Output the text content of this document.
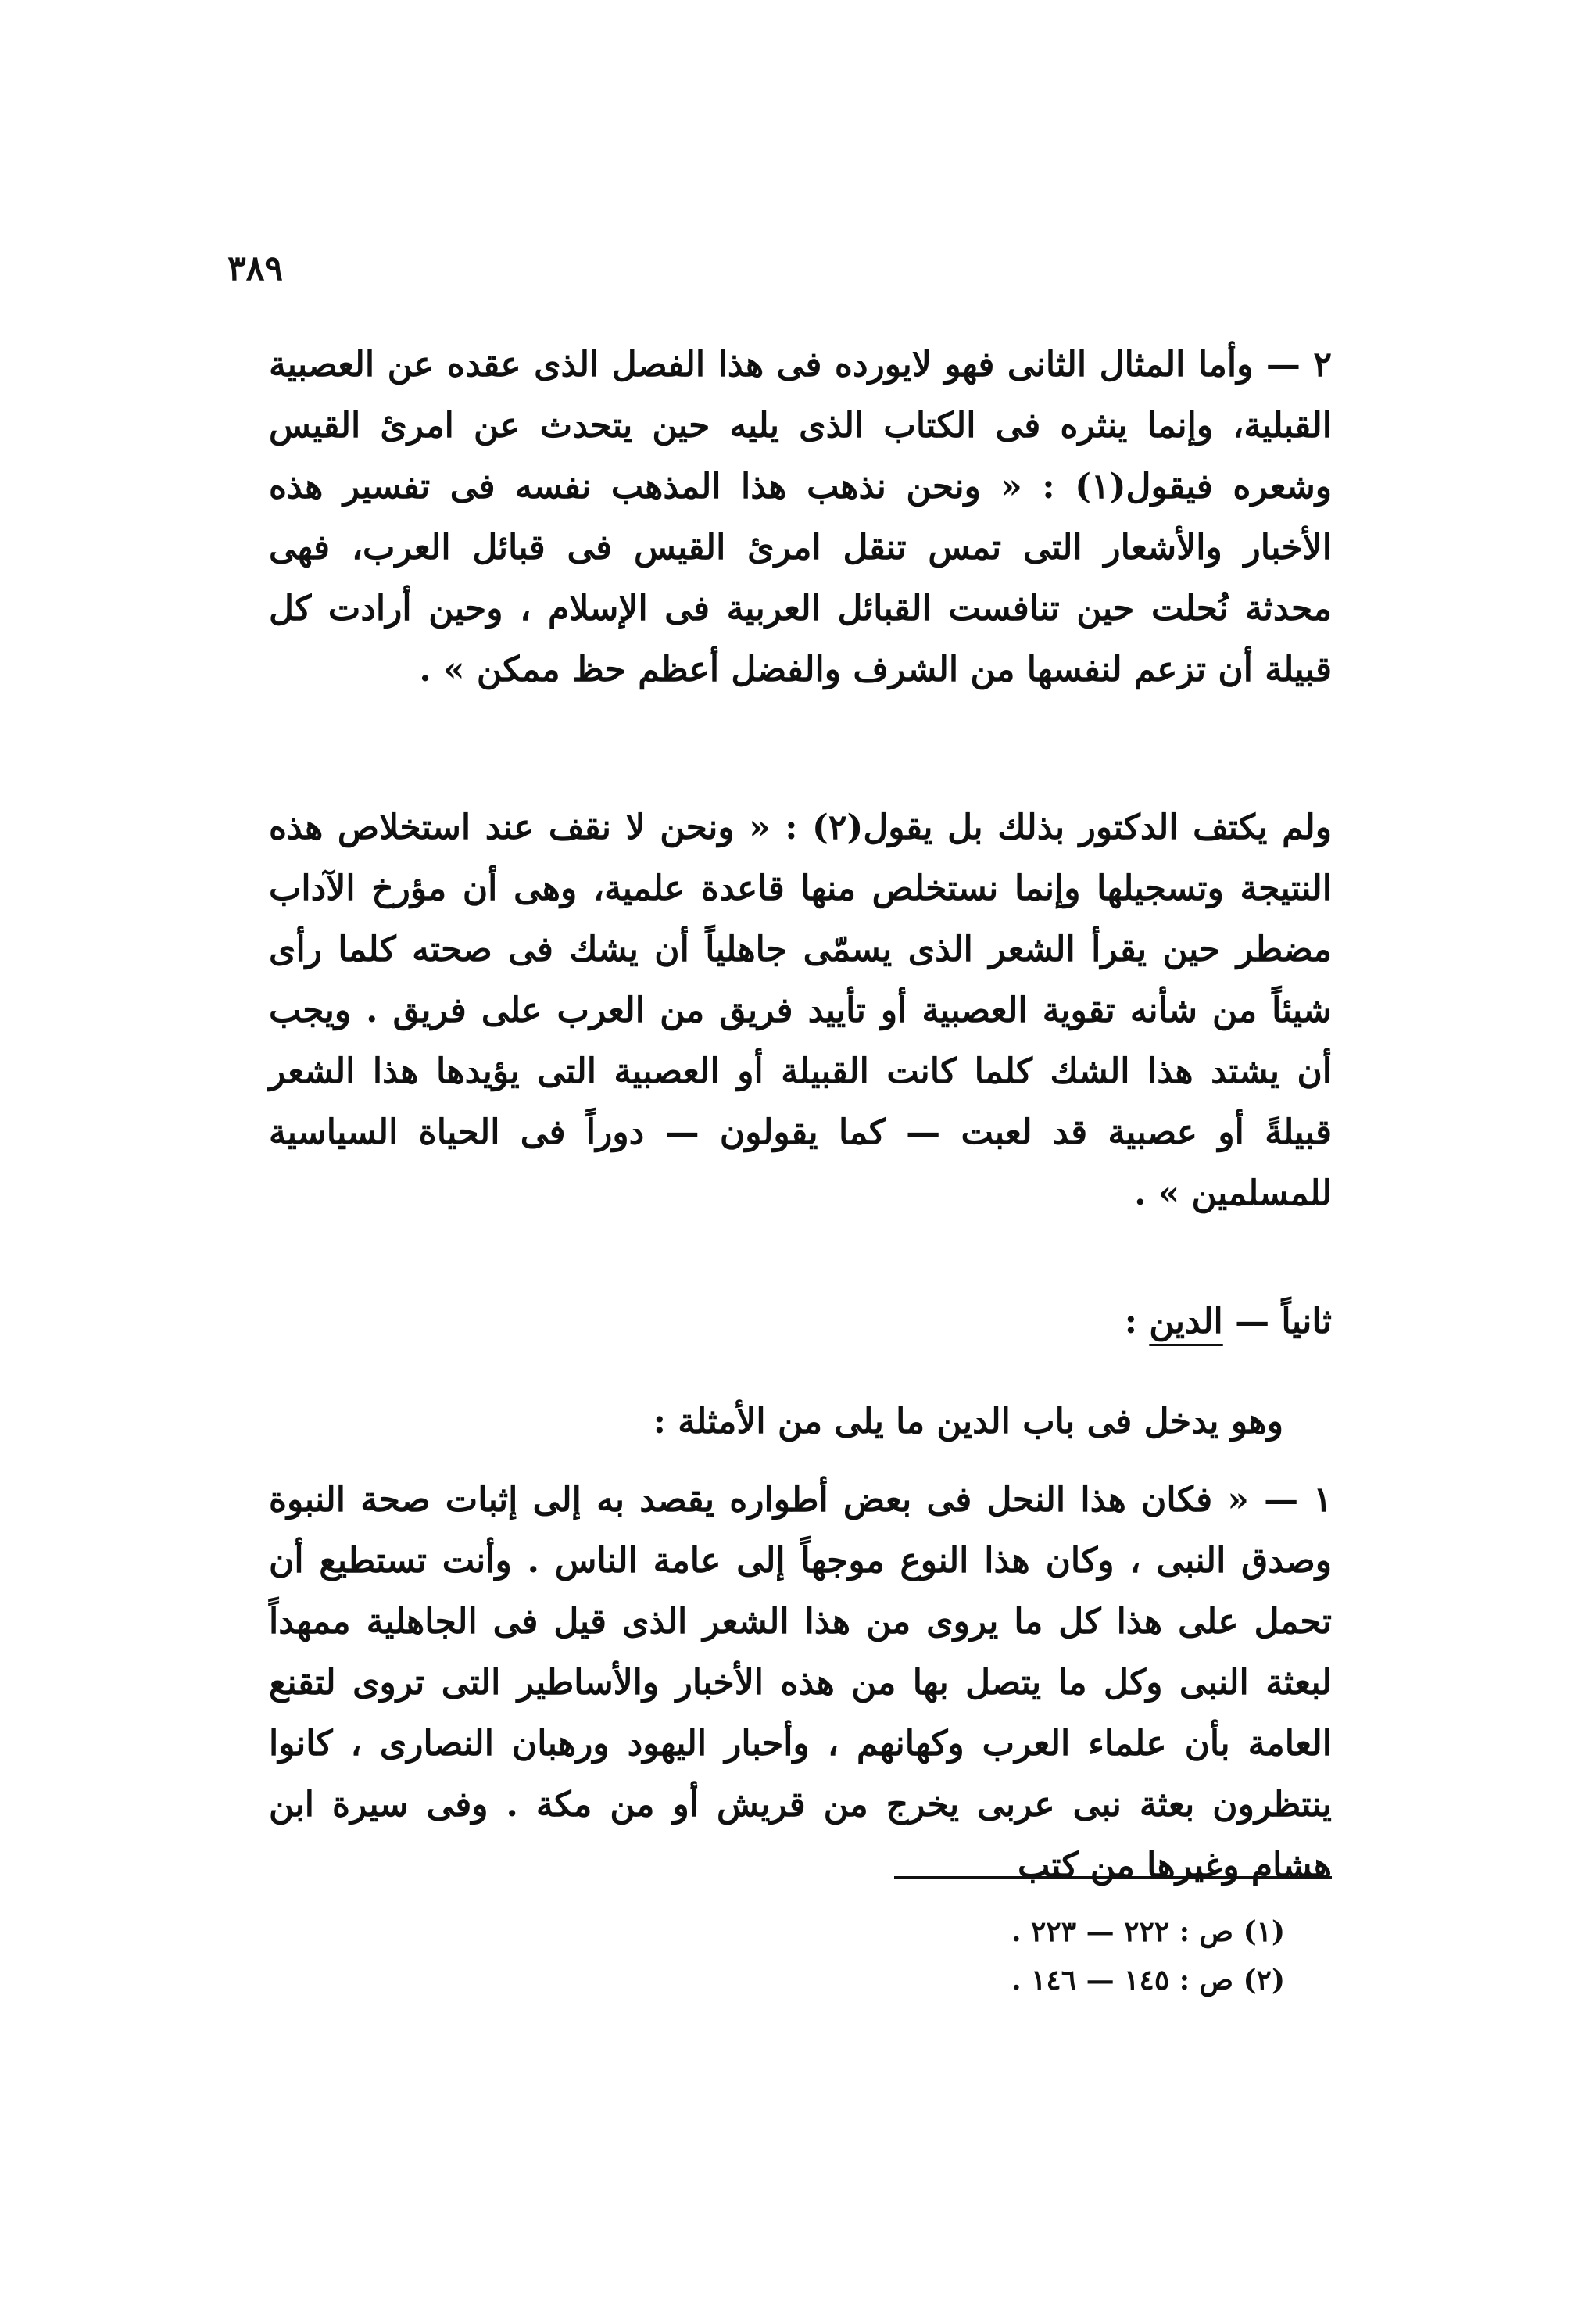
٣٨٩

٢ — وأما المثال الثانى فهو لايورده فى هذا الفصل الذى عقده عن العصبية القبلية، وإنما ينثره فى الكتاب الذى يليه حين يتحدث عن امرئ القيس وشعره فيقول(١) : « ونحن نذهب هذا المذهب نفسه فى تفسير هذه الأخبار والأشعار التى تمس تنقل امرئ القيس فى قبائل العرب، فهى محدثة نُحلت حين تنافست القبائل العربية فى الإسلام ، وحين أرادت كل قبيلة أن تزعم لنفسها من الشرف والفضل أعظم حظ ممكن » .

ولم يكتف الدكتور بذلك بل يقول(٢) : « ونحن لا نقف عند استخلاص هذه النتيجة وتسجيلها وإنما نستخلص منها قاعدة علمية، وهى أن مؤرخ الآداب مضطر حين يقرأ الشعر الذى يسمّى جاهلياً أن يشك فى صحته كلما رأى شيئاً من شأنه تقوية العصبية أو تأييد فريق من العرب على فريق . ويجب أن يشتد هذا الشك كلما كانت القبيلة أو العصبية التى يؤيدها هذا الشعر قبيلةً أو عصبية قد لعبت — كما يقولون — دوراً فى الحياة السياسية للمسلمين » .

ثانياً — الدين :
وهو يدخل فى باب الدين ما يلى من الأمثلة :

١ — « فكان هذا النحل فى بعض أطواره يقصد به إلى إثبات صحة النبوة وصدق النبى ، وكان هذا النوع موجهاً إلى عامة الناس . وأنت تستطيع أن تحمل على هذا كل ما يروى من هذا الشعر الذى قيل فى الجاهلية ممهداً لبعثة النبى وكل ما يتصل بها من هذه الأخبار والأساطير التى تروى لتقنع العامة بأن علماء العرب وكهانهم ، وأحبار اليهود ورهبان النصارى ، كانوا ينتظرون بعثة نبى عربى يخرج من قريش أو من مكة . وفى سيرة ابن هشام وغيرها من كتب

(١) ص : ٢٢٢ — ٢٢٣ .
(٢) ص : ١٤٥ — ١٤٦ .
